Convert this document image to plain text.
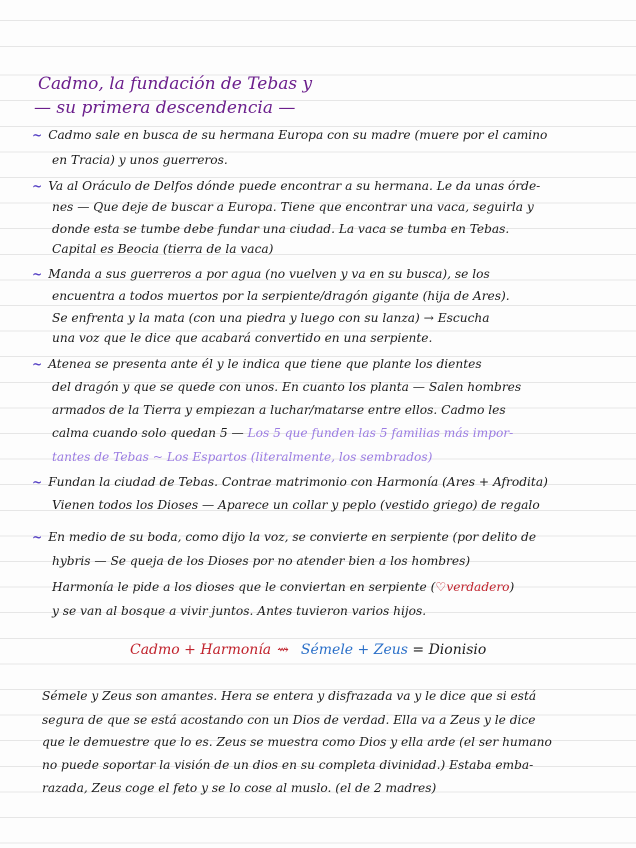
Cadmo, la fundación de Tebas y
— su primera descendencia —
~ Cadmo sale en busca de su hermana Europa con su madre (muere por el camino
en Tracia) y unos guerreros.
~ Va al Oráculo de Delfos dónde puede encontrar a su hermana. Le da unas órde-
nes — Que deje de buscar a Europa. Tiene que encontrar una vaca, seguirla y
donde esta se tumbe debe fundar una ciudad. La vaca se tumba en Tebas.
Capital es Beocia (tierra de la vaca)
~ Manda a sus guerreros a por agua (no vuelven y va en su busca), se los
encuentra a todos muertos por la serpiente/dragón gigante (hija de Ares).
Se enfrenta y la mata (con una piedra y luego con su lanza) → Escucha
una voz que le dice que acabará convertido en una serpiente.
~ Atenea se presenta ante él y le indica que tiene que plante los dientes
del dragón y que se quede con unos. En cuanto los planta — Salen hombres
armados de la Tierra y empiezan a luchar/matarse entre ellos. Cadmo les
calma cuando solo quedan 5 — Los 5 que funden las 5 familias más impor-
tantes de Tebas ~ Los Espartos (literalmente, los sembrados)
~ Fundan la ciudad de Tebas. Contrae matrimonio con Harmonía (Ares + Afrodita)
Vienen todos los Dioses — Aparece un collar y peplo (vestido griego) de regalo
~ En medio de su boda, como dijo la voz, se convierte en serpiente (por delito de
hybris — Se queja de los Dioses por no atender bien a los hombres)
Harmonía le pide a los dioses que le conviertan en serpiente (♡verdadero)
y se van al bosque a vivir juntos. Antes tuvieron varios hijos.
Cadmo + Harmonía ⇝ Sémele + Zeus = Dionisio
Sémele y Zeus son amantes. Hera se entera y disfrazada va y le dice que si está
segura de que se está acostando con un Dios de verdad. Ella va a Zeus y le dice
que le demuestre que lo es. Zeus se muestra como Dios y ella arde (el ser humano
no puede soportar la visión de un dios en su completa divinidad.) Estaba emba-
razada, Zeus coge el feto y se lo cose al muslo. (el de 2 madres)
